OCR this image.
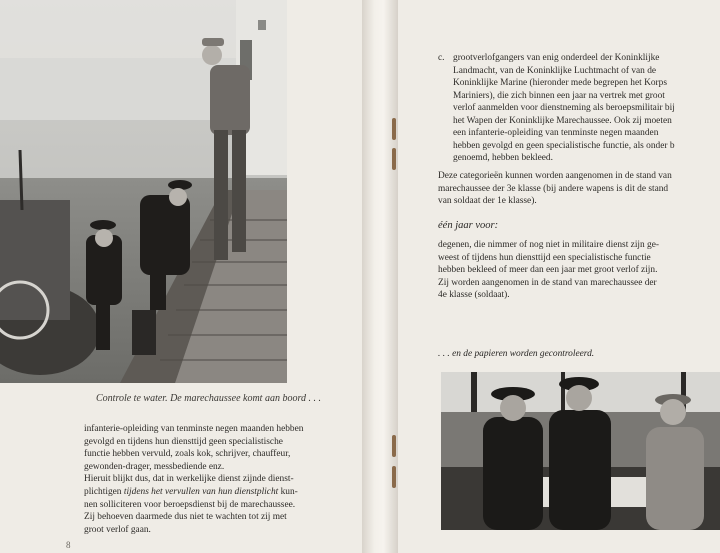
Controle te water. De marechaussee komt aan boord . . .

infanterie-opleiding van tenminste negen maanden hebben

gevolgd en tijdens hun diensttijd geen specialistische

functie hebben vervuld, zoals kok, schrijver, chauffeur,

gewonden-drager, messbediende enz.

Hieruit blijkt dus, dat in werkelijke dienst zijnde dienst-

plichtigen tijdens het vervullen van hun dienstplicht kun-

nen solliciteren voor beroepsdienst bij de marechaussee.

Zij behoeven daarmede dus niet te wachten tot zij met

groot verlof gaan.

8

c. grootverlofgangers van enig onderdeel der Koninklijke

Landmacht, van de Koninklijke Luchtmacht of van de

Koninklijke Marine (hieronder mede begrepen het Korps

Mariniers), die zich binnen een jaar na vertrek met groot

verlof aanmelden voor dienstneming als beroepsmilitair bij

het Wapen der Koninklijke Marechaussee. Ook zij moeten

een infanterie-opleiding van tenminste negen maanden

hebben gevolgd en geen specialistische functie, als onder b

genoemd, hebben bekleed.

Deze categorieën kunnen worden aangenomen in de stand van

marechaussee der 3e klasse (bij andere wapens is dit de stand

van soldaat der 1e klasse).

één jaar voor:

degenen, die nimmer of nog niet in militaire dienst zijn ge-

weest of tijdens hun diensttijd een specialistische functie

hebben bekleed of meer dan een jaar met groot verlof zijn.

Zij worden aangenomen in de stand van marechaussee der

4e klasse (soldaat).

. . . en de papieren worden gecontroleerd.
